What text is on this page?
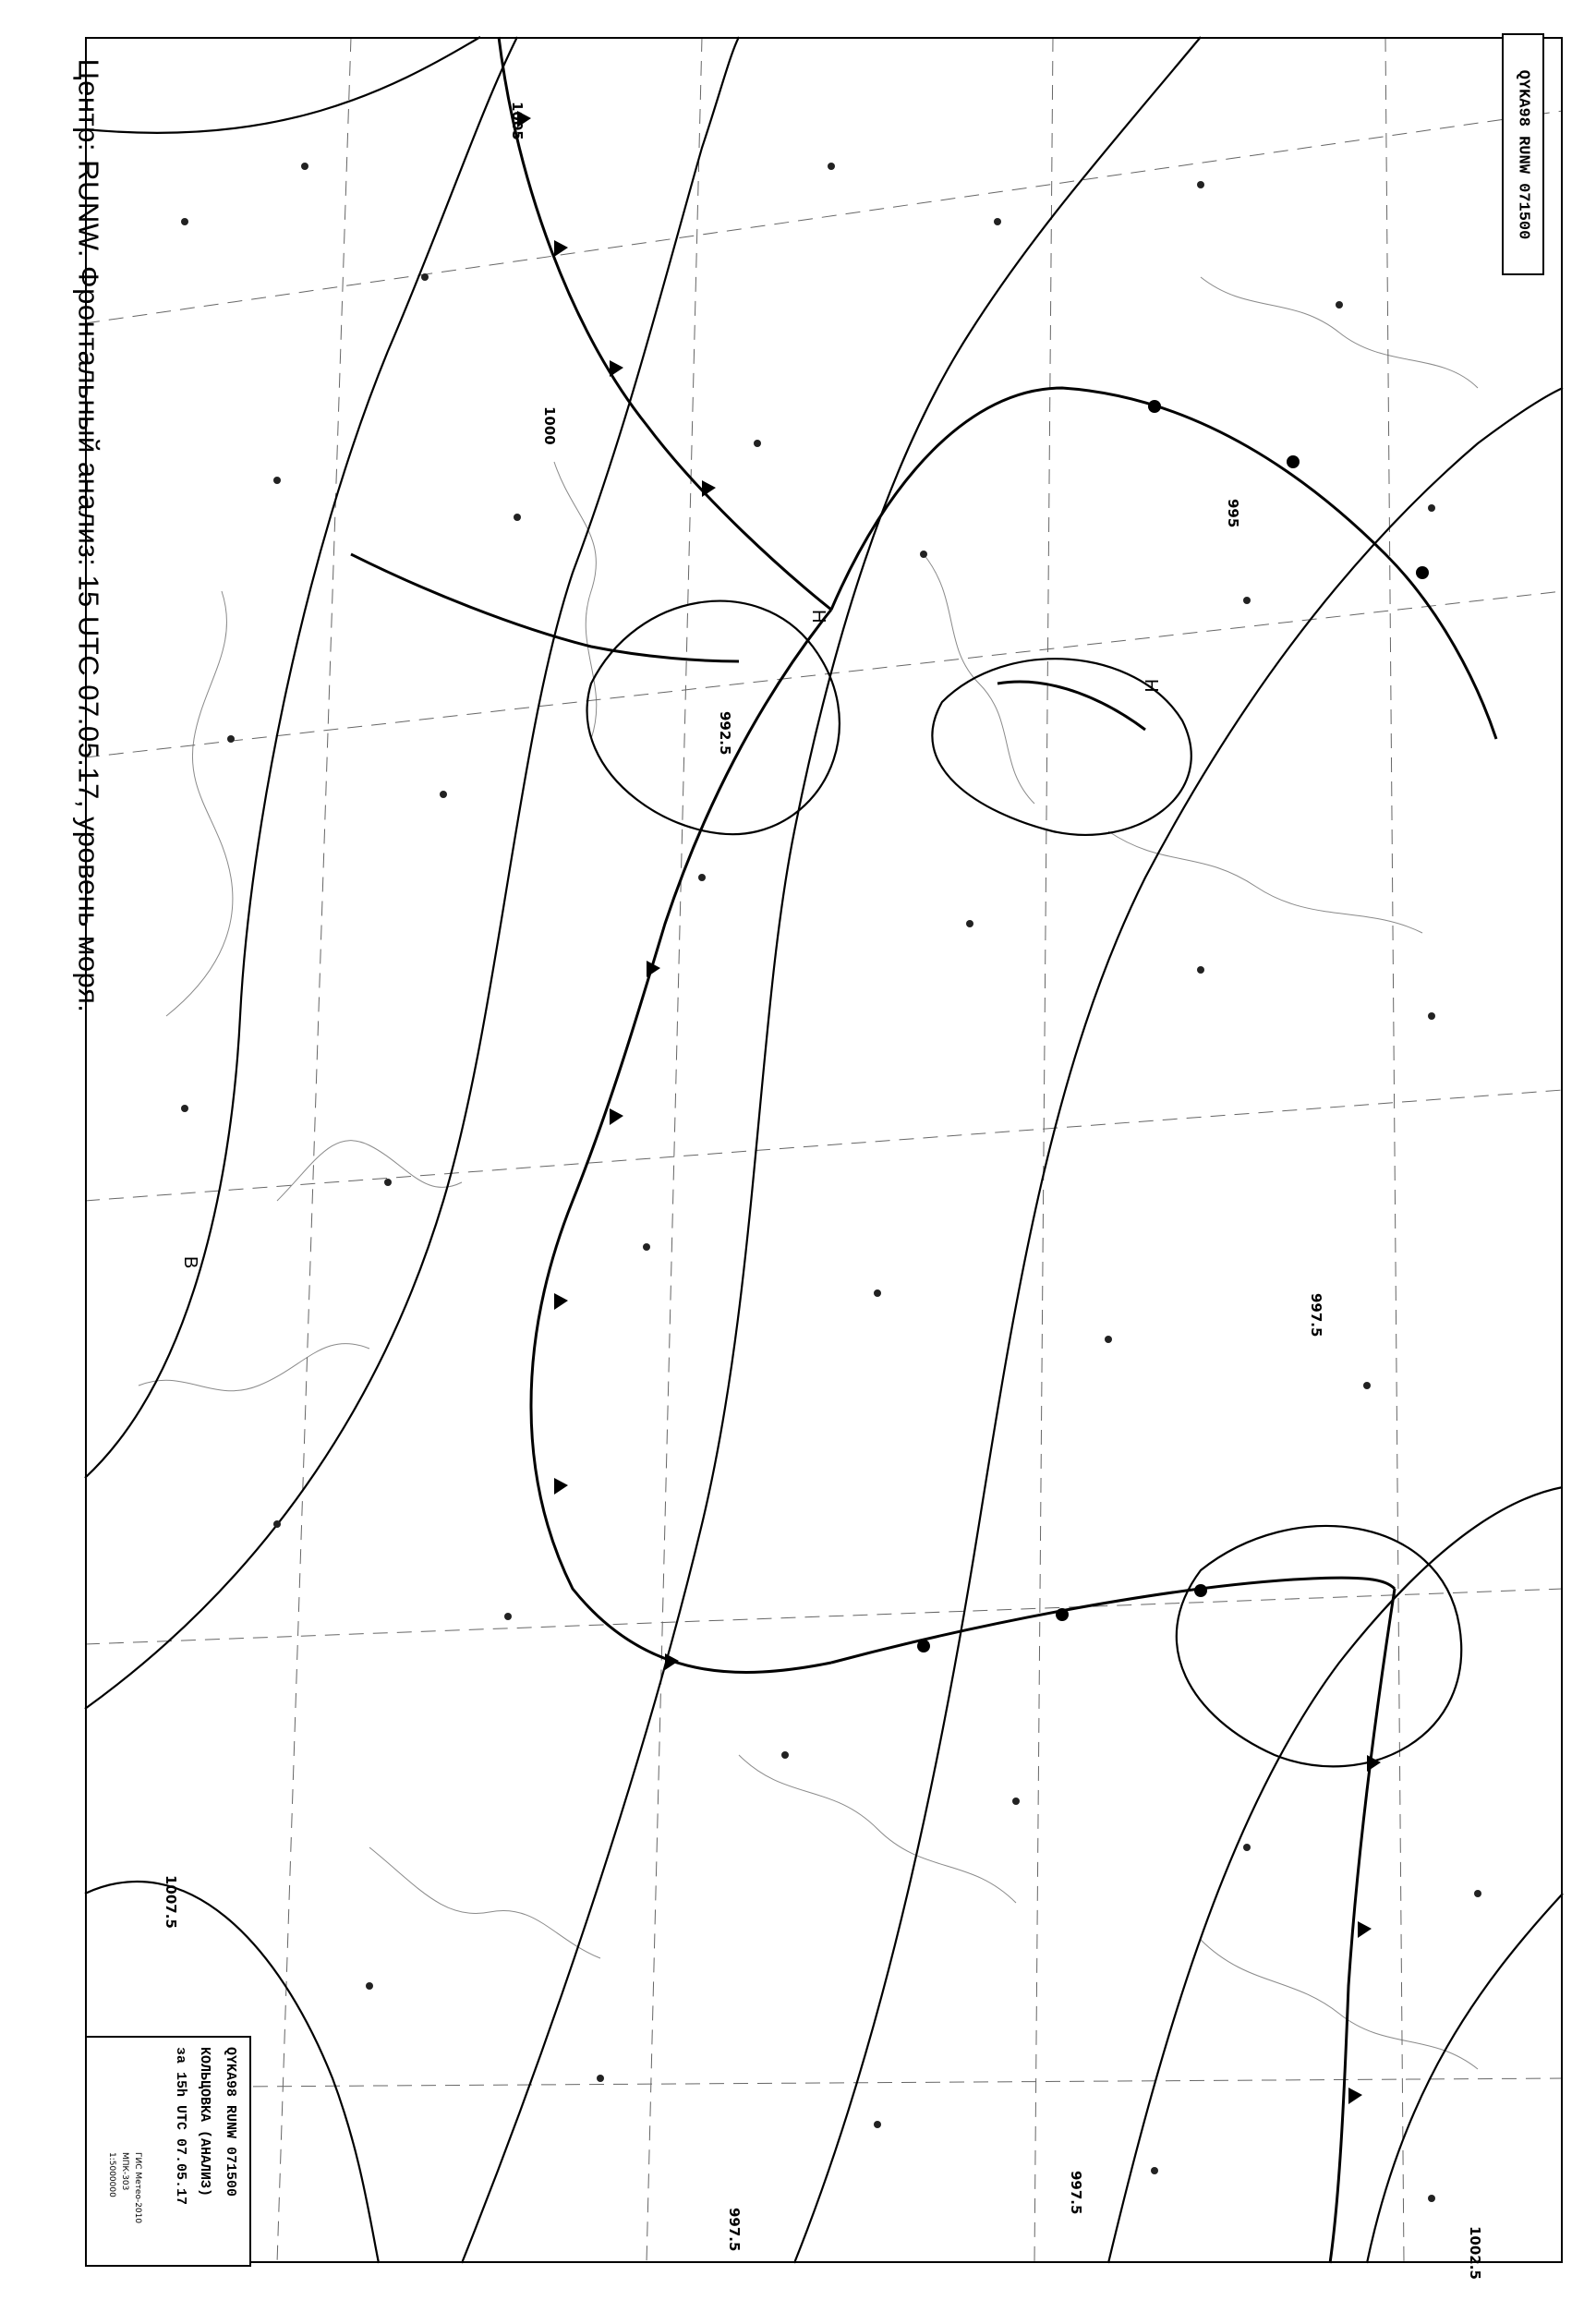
1005
1000
992.5
995
997.5
1002.5
1007.5
997.5
997.5
Н
Н
В
Центр: RUNW. Фронтальный анализ: 15 UTC 07.05.17, уровень моря.	QYKA98 RUNW 071500
QYKA98 RUNW 071500
КОЛЬЦОВКА (АНАЛИЗ)
за 15h UTC 07.05.17
ГИС Метео-2010
МПК-303
1:5000000
